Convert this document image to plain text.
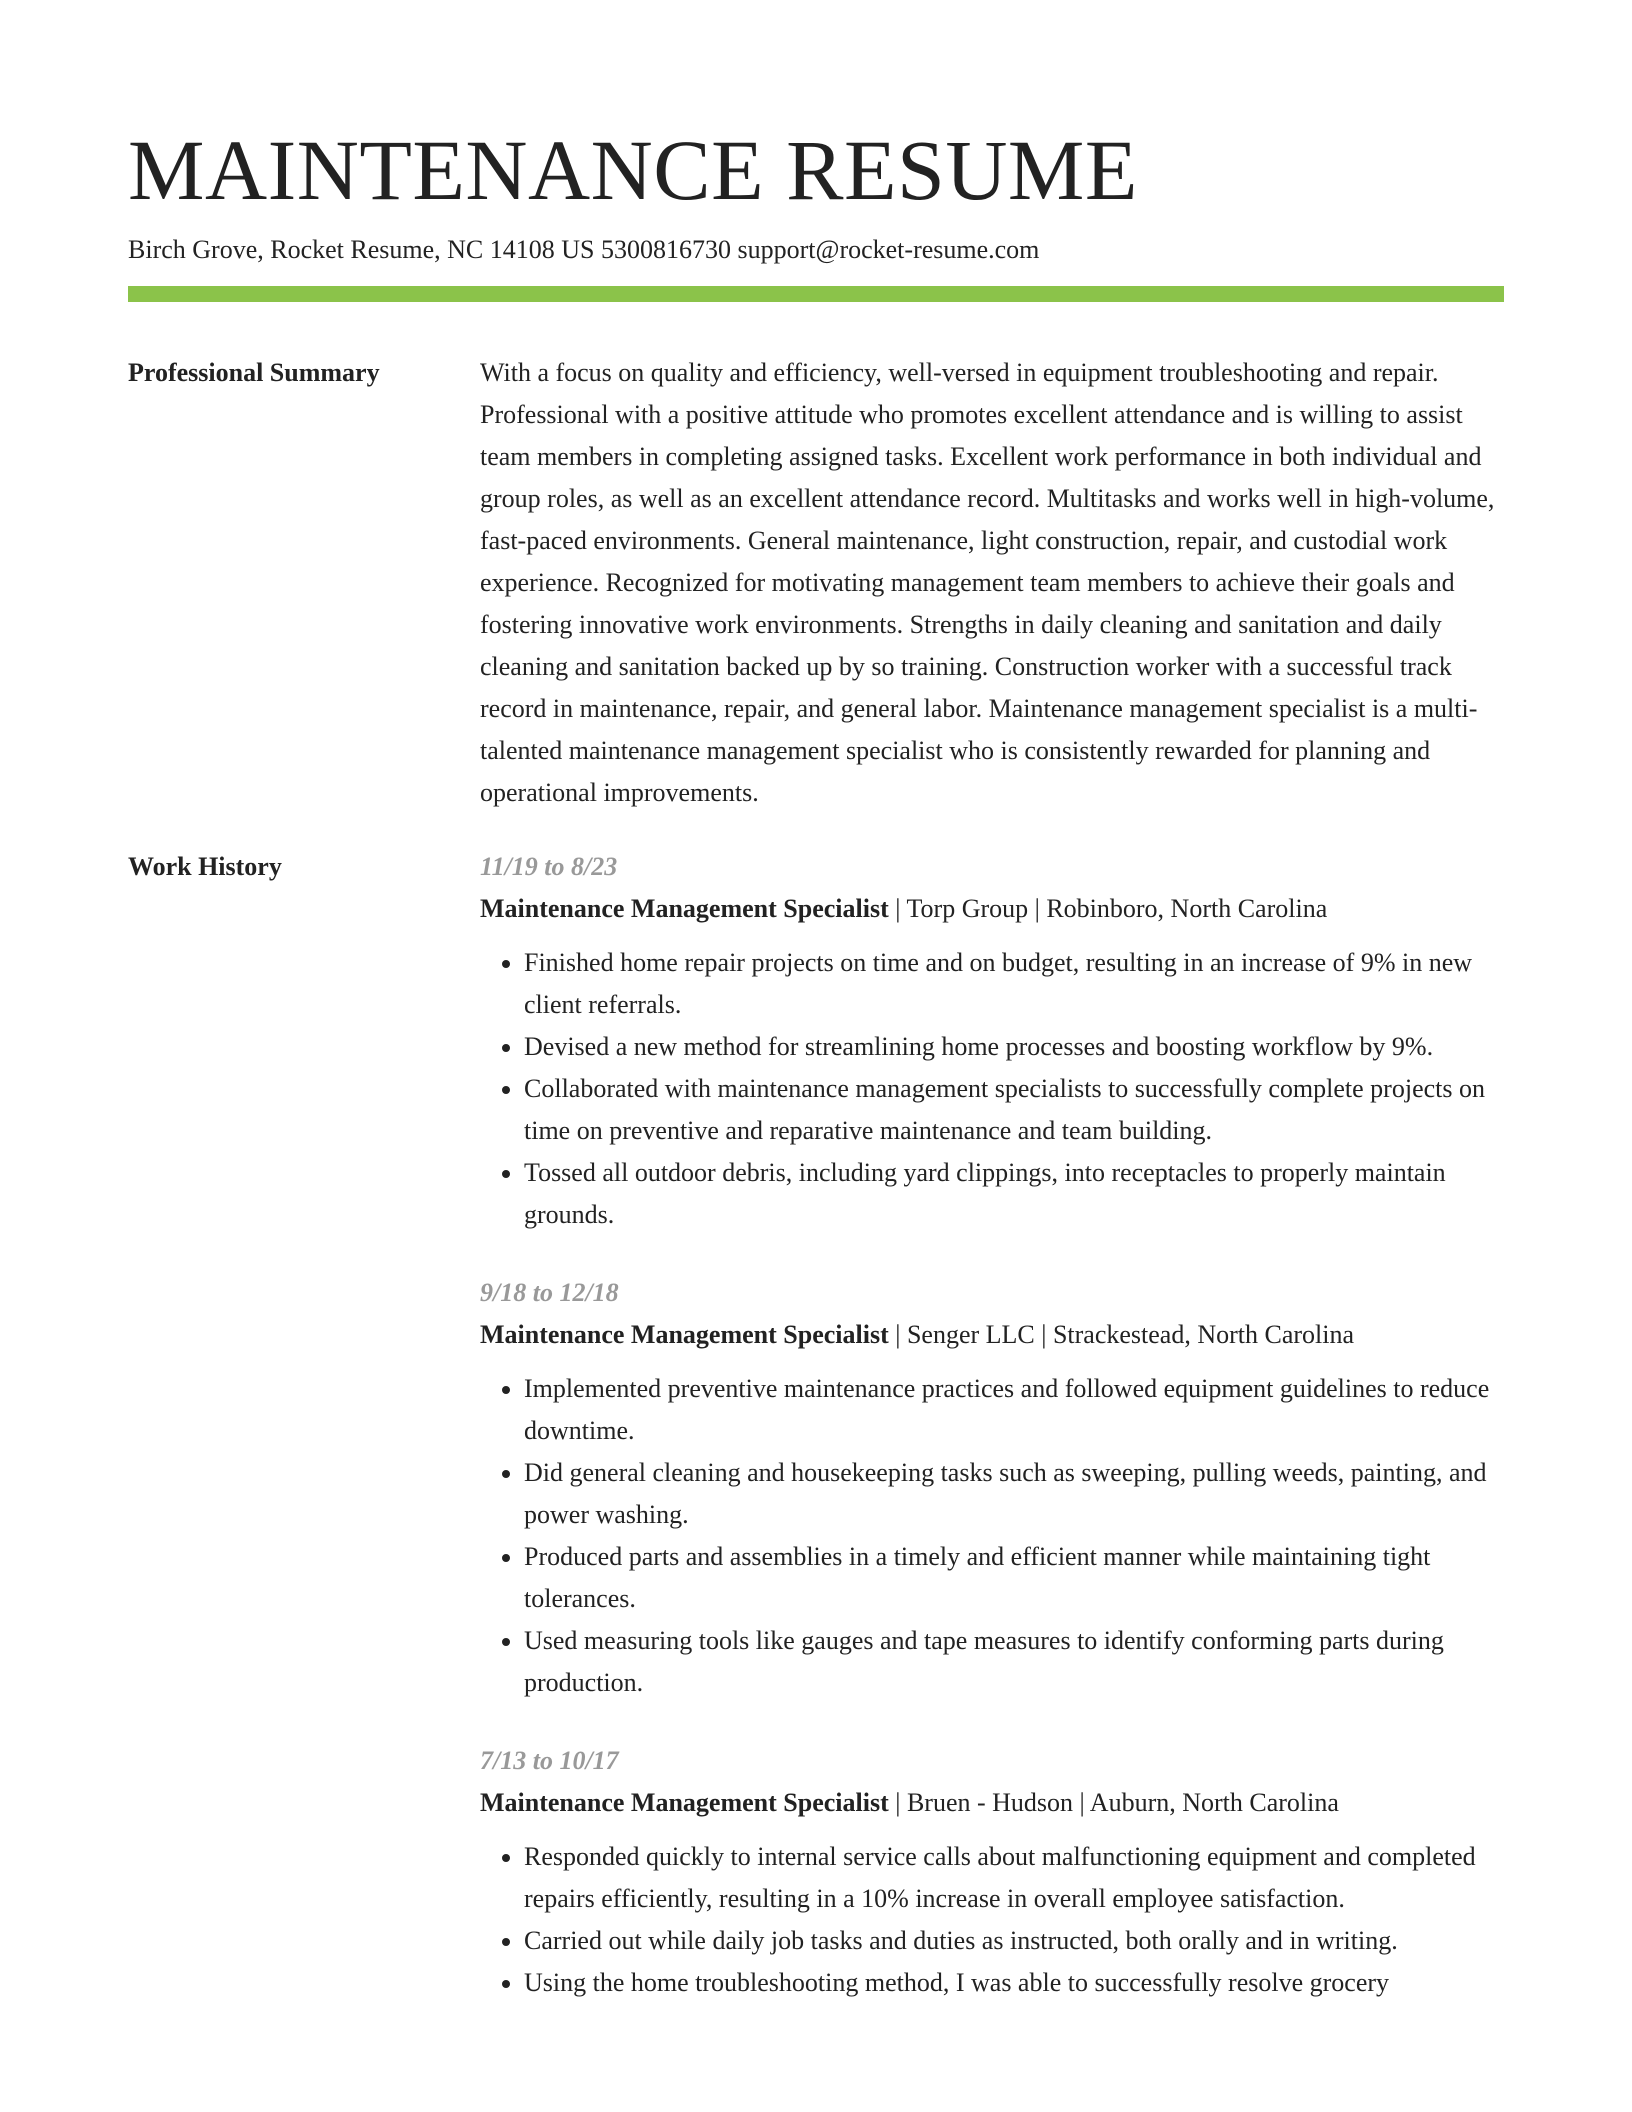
MAINTENANCE RESUME
Birch Grove, Rocket Resume, NC 14108 US 5300816730 support@rocket-resume.com
Professional Summary	With a focus on quality and efficiency, well-versed in equipment troubleshooting and repair. Professional with a positive attitude who promotes excellent attendance and is willing to assist team members in completing assigned tasks. Excellent work performance in both individual and group roles, as well as an excellent attendance record. Multitasks and works well in high-volume, fast-paced environments. General maintenance, light construction, repair, and custodial work experience. Recognized for motivating management team members to achieve their goals and fostering innovative work environments. Strengths in daily cleaning and sanitation and daily cleaning and sanitation backed up by so training. Construction worker with a successful track record in maintenance, repair, and general labor. Maintenance management specialist is a multi-talented maintenance management specialist who is consistently rewarded for planning and operational improvements.

Work History	11/19 to 8/23
Maintenance Management Specialist | Torp Group | Robinboro, North Carolina
• Finished home repair projects on time and on budget, resulting in an increase of 9% in new client referrals.
• Devised a new method for streamlining home processes and boosting workflow by 9%.
• Collaborated with maintenance management specialists to successfully complete projects on time on preventive and reparative maintenance and team building.
• Tossed all outdoor debris, including yard clippings, into receptacles to properly maintain grounds.
9/18 to 12/18
Maintenance Management Specialist | Senger LLC | Strackestead, North Carolina
• Implemented preventive maintenance practices and followed equipment guidelines to reduce downtime.
• Did general cleaning and housekeeping tasks such as sweeping, pulling weeds, painting, and power washing.
• Produced parts and assemblies in a timely and efficient manner while maintaining tight tolerances.
• Used measuring tools like gauges and tape measures to identify conforming parts during production.
7/13 to 10/17
Maintenance Management Specialist | Bruen - Hudson | Auburn, North Carolina
• Responded quickly to internal service calls about malfunctioning equipment and completed repairs efficiently, resulting in a 10% increase in overall employee satisfaction.
• Carried out while daily job tasks and duties as instructed, both orally and in writing.
• Using the home troubleshooting method, I was able to successfully resolve grocery
